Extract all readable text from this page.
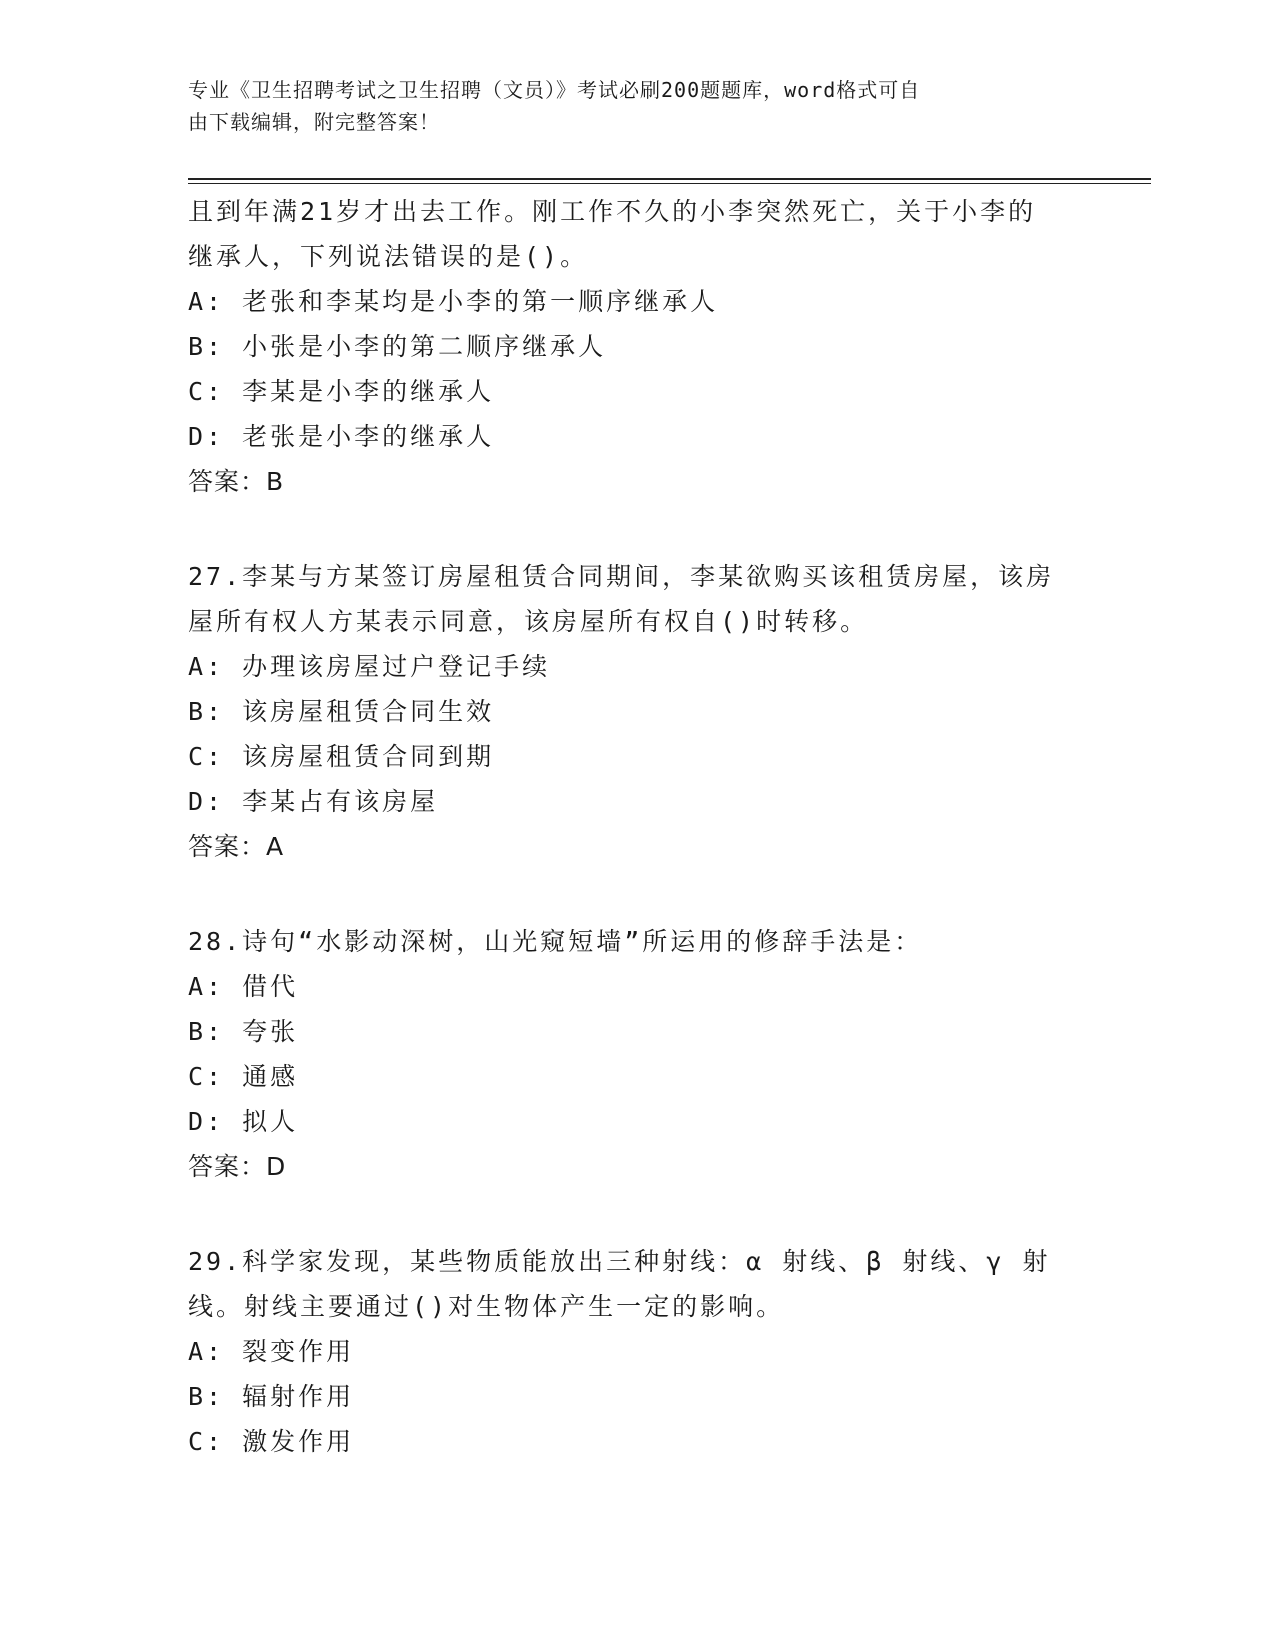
专业《卫生招聘考试之卫生招聘（文员）》考试必刷200题题库，word格式可自
由下载编辑，附完整答案！
且到年满21岁才出去工作。刚工作不久的小李突然死亡，关于小李的
继承人，下列说法错误的是()。
A: 老张和李某均是小李的第一顺序继承人
B: 小张是小李的第二顺序继承人
C: 李某是小李的继承人
D: 老张是小李的继承人
答案：B
27.李某与方某签订房屋租赁合同期间，李某欲购买该租赁房屋，该房
屋所有权人方某表示同意，该房屋所有权自()时转移。
A: 办理该房屋过户登记手续
B: 该房屋租赁合同生效
C: 该房屋租赁合同到期
D: 李某占有该房屋
答案：A
28.诗句“水影动深树，山光窥短墙”所运用的修辞手法是：
A: 借代
B: 夸张
C: 通感
D: 拟人
答案：D
29.科学家发现，某些物质能放出三种射线：α 射线、β 射线、γ 射
线。射线主要通过()对生物体产生一定的影响。
A: 裂变作用
B: 辐射作用
C: 激发作用
